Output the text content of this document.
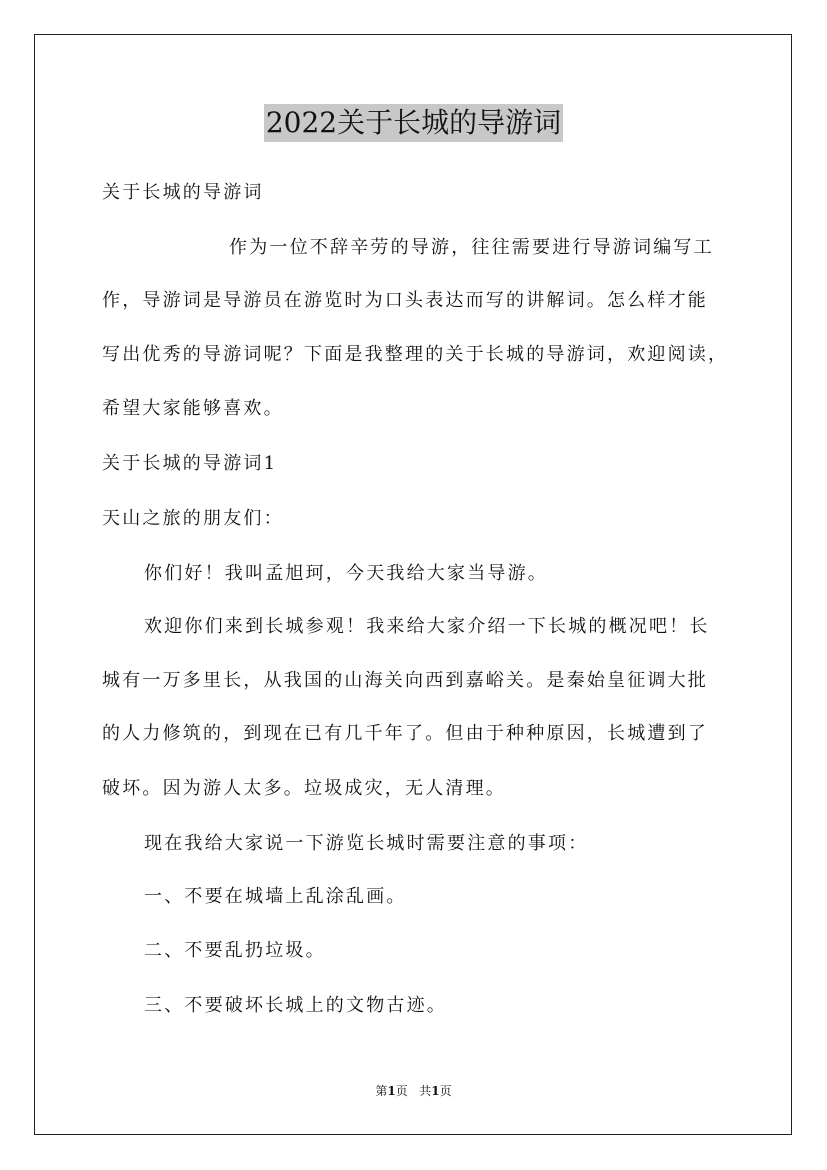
2022关于长城的导游词
关于长城的导游词
作为一位不辞辛劳的导游，往往需要进行导游词编写工
作，导游词是导游员在游览时为口头表达而写的讲解词。怎么样才能
写出优秀的导游词呢？下面是我整理的关于长城的导游词，欢迎阅读，
希望大家能够喜欢。
关于长城的导游词1
天山之旅的朋友们：
你们好！我叫孟旭珂，今天我给大家当导游。
欢迎你们来到长城参观！我来给大家介绍一下长城的概况吧！长
城有一万多里长，从我国的山海关向西到嘉峪关。是秦始皇征调大批
的人力修筑的，到现在已有几千年了。但由于种种原因，长城遭到了
破坏。因为游人太多。垃圾成灾，无人清理。
现在我给大家说一下游览长城时需要注意的事项：
一、不要在城墙上乱涂乱画。
二、不要乱扔垃圾。
三、不要破坏长城上的文物古迹。
第1页 共1页
